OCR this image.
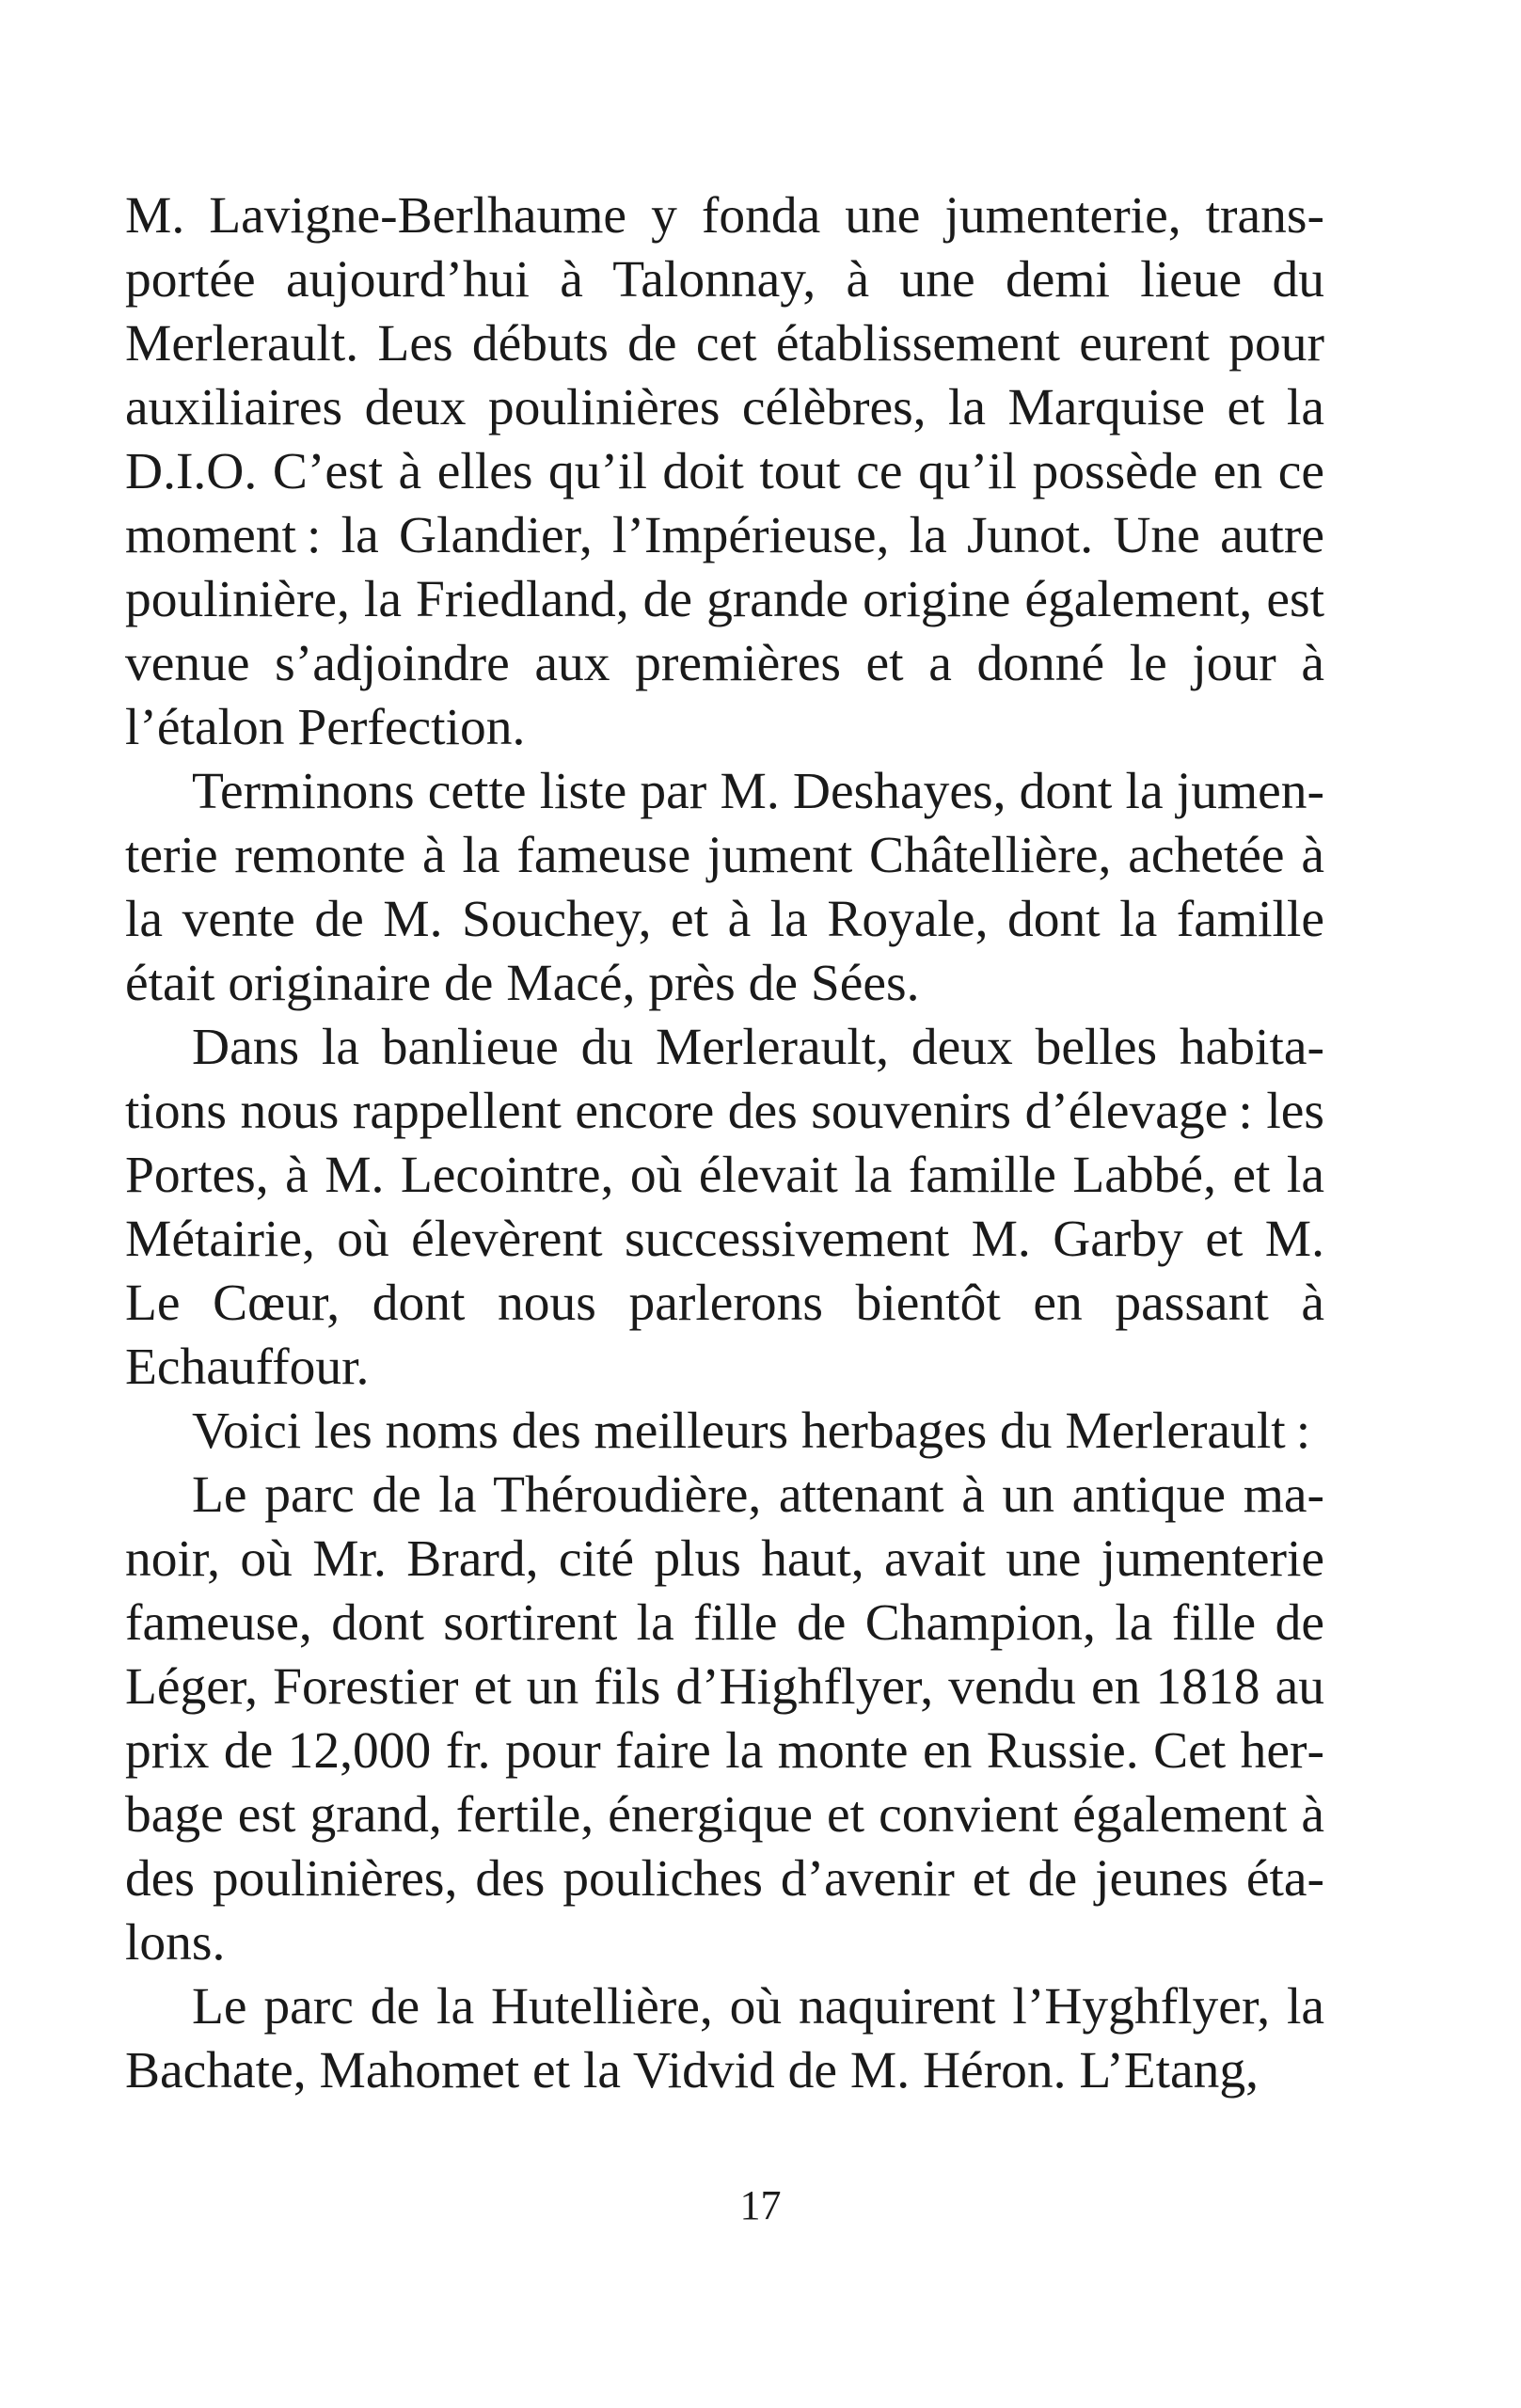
M. Lavigne-Berlhaume y fonda une jumenterie, transportée aujourd’hui à Talonnay, à une demi lieue du Merlerault. Les débuts de cet établissement eurent pour auxiliaires deux poulinières célèbres, la Marquise et la D.I.O. C’est à elles qu’il doit tout ce qu’il possède en ce moment : la Glandier, l’Impérieuse, la Junot. Une autre poulinière, la Friedland, de grande origine également, est venue s’adjoindre aux premières et a donné le jour à l’étalon Perfection.

Terminons cette liste par M. Deshayes, dont la jumenterie remonte à la fameuse jument Châtellière, achetée à la vente de M. Souchey, et à la Royale, dont la famille était originaire de Macé, près de Sées.

Dans la banlieue du Merlerault, deux belles habitations nous rappellent encore des souvenirs d’élevage : les Portes, à M. Lecointre, où élevait la famille Labbé, et la Métairie, où élevèrent successivement M. Garby et M. Le Cœur, dont nous parlerons bientôt en passant à Echauffour.

Voici les noms des meilleurs herbages du Merlerault :

Le parc de la Théroudière, attenant à un antique manoir, où Mr. Brard, cité plus haut, avait une jumenterie fameuse, dont sortirent la fille de Champion, la fille de Léger, Forestier et un fils d’Highflyer, vendu en 1818 au prix de 12,000 fr. pour faire la monte en Russie. Cet herbage est grand, fertile, énergique et convient également à des poulinières, des pouliches d’avenir et de jeunes étalons.

Le parc de la Hutellière, où naquirent l’Hyghflyer, la Bachate, Mahomet et la Vidvid de M. Héron. L’Etang,

17
